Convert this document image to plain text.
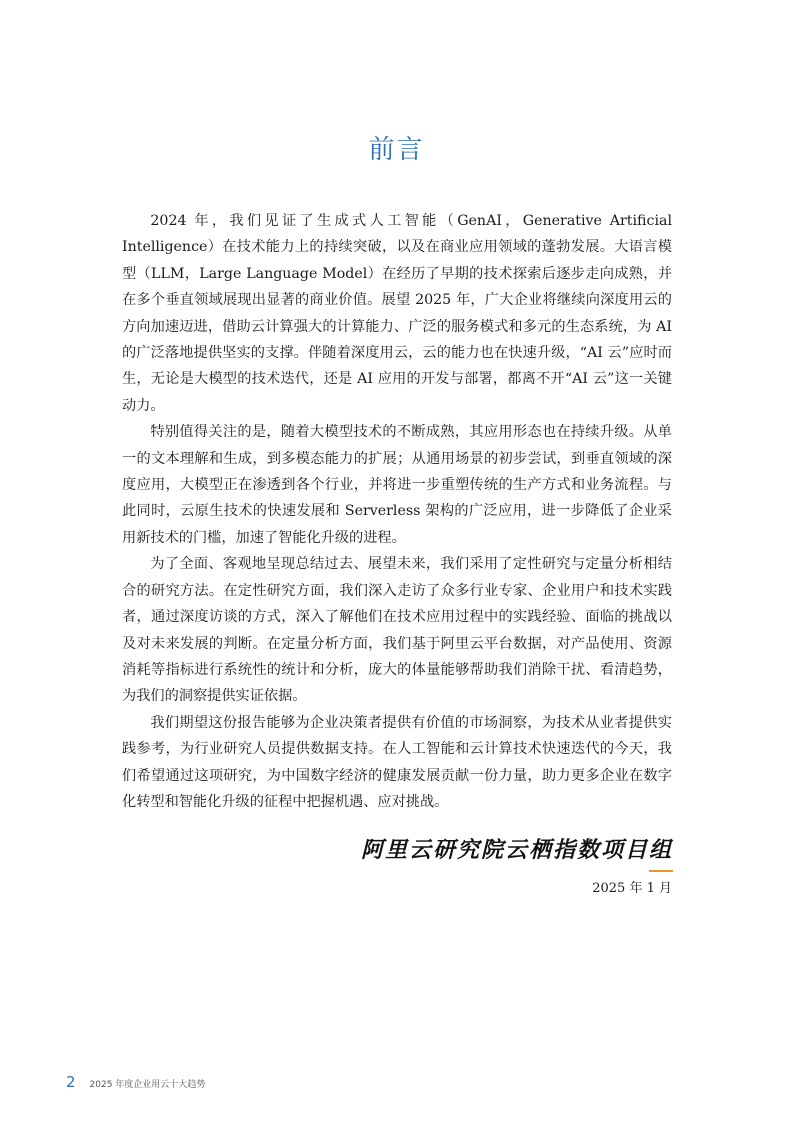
前言

2024 年，我们见证了生成式人工智能（GenAI，Generative Artificial Intelligence）在技术能力上的持续突破，以及在商业应用领域的蓬勃发展。大语言模型（LLM，Large Language Model）在经历了早期的技术探索后逐步走向成熟，并在多个垂直领域展现出显著的商业价值。展望 2025 年，广大企业将继续向深度用云的方向加速迈进，借助云计算强大的计算能力、广泛的服务模式和多元的生态系统，为 AI 的广泛落地提供坚实的支撑。伴随着深度用云，云的能力也在快速升级，“AI 云”应时而生，无论是大模型的技术迭代，还是 AI 应用的开发与部署，都离不开“AI 云”这一关键动力。

特别值得关注的是，随着大模型技术的不断成熟，其应用形态也在持续升级。从单一的文本理解和生成，到多模态能力的扩展；从通用场景的初步尝试，到垂直领域的深度应用，大模型正在渗透到各个行业，并将进一步重塑传统的生产方式和业务流程。与此同时，云原生技术的快速发展和 Serverless 架构的广泛应用，进一步降低了企业采用新技术的门槛，加速了智能化升级的进程。

为了全面、客观地呈现总结过去、展望未来，我们采用了定性研究与定量分析相结合的研究方法。在定性研究方面，我们深入走访了众多行业专家、企业用户和技术实践者，通过深度访谈的方式，深入了解他们在技术应用过程中的实践经验、面临的挑战以及对未来发展的判断。在定量分析方面，我们基于阿里云平台数据，对产品使用、资源消耗等指标进行系统性的统计和分析，庞大的体量能够帮助我们消除干扰、看清趋势，为我们的洞察提供实证依据。

我们期望这份报告能够为企业决策者提供有价值的市场洞察，为技术从业者提供实践参考，为行业研究人员提供数据支持。在人工智能和云计算技术快速迭代的今天，我们希望通过这项研究，为中国数字经济的健康发展贡献一份力量，助力更多企业在数字化转型和智能化升级的征程中把握机遇、应对挑战。

阿里云研究院云栖指数项目组
2025 年 1 月
2 2025 年度企业用云十大趋势
